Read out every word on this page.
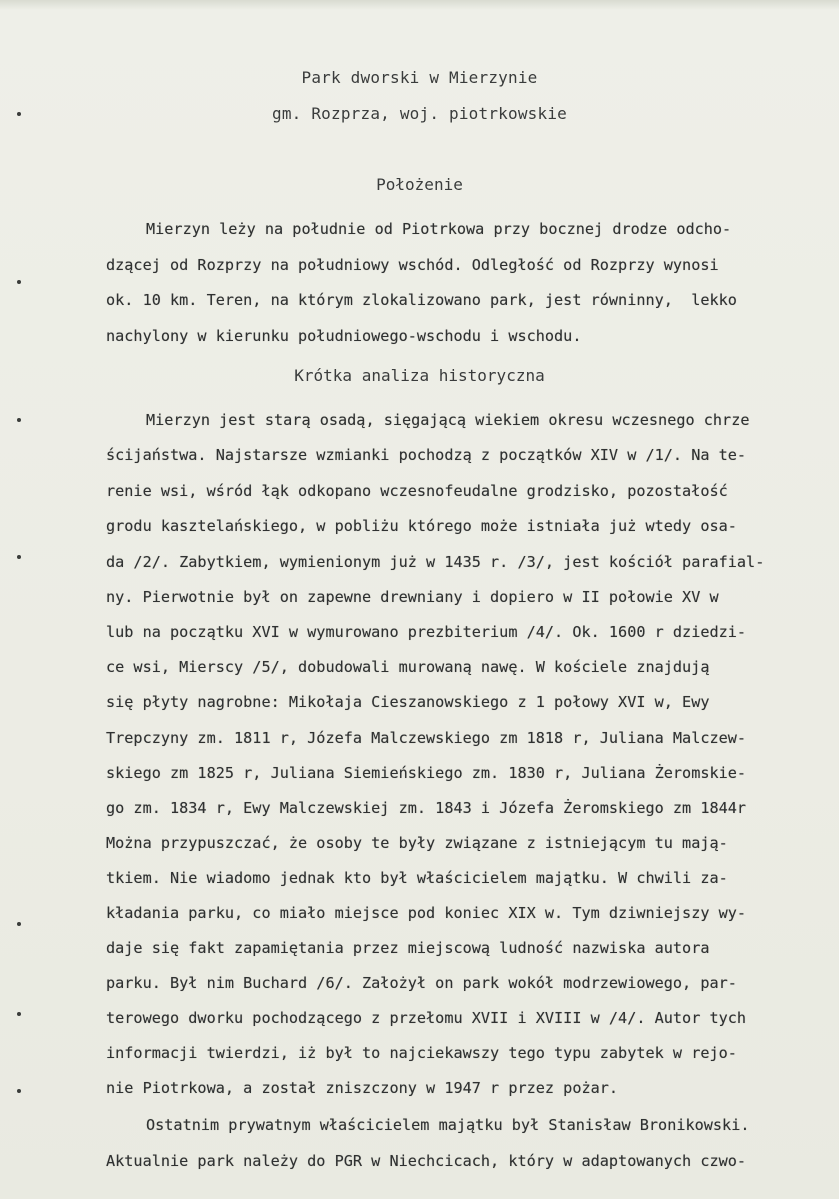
Park dworski w Mierzynie
gm. Rozprza, woj. piotrkowskie
Położenie
Mierzyn leży na południe od Piotrkowa przy bocznej drodze odcho-
dzącej od Rozprzy na południowy wschód. Odległość od Rozprzy wynosi
ok. 10 km. Teren, na którym zlokalizowano park, jest równinny,  lekko
nachylony w kierunku południowego-wschodu i wschodu.
Krótka analiza historyczna
Mierzyn jest starą osadą, sięgającą wiekiem okresu wczesnego chrze
ścijaństwa. Najstarsze wzmianki pochodzą z początków XIV w /1/. Na te-
renie wsi, wśród łąk odkopano wczesnofeudalne grodzisko, pozostałość
grodu kasztelańskiego, w pobliżu którego może istniała już wtedy osa-
da /2/. Zabytkiem, wymienionym już w 1435 r. /3/, jest kościół parafial-
ny. Pierwotnie był on zapewne drewniany i dopiero w II połowie XV w
lub na początku XVI w wymurowano prezbiterium /4/. Ok. 1600 r dziedzi-
ce wsi, Mierscy /5/, dobudowali murowaną nawę. W kościele znajdują
się płyty nagrobne: Mikołaja Cieszanowskiego z 1 połowy XVI w, Ewy
Trepczyny zm. 1811 r, Józefa Malczewskiego zm 1818 r, Juliana Malczew-
skiego zm 1825 r, Juliana Siemieńskiego zm. 1830 r, Juliana Żeromskie-
go zm. 1834 r, Ewy Malczewskiej zm. 1843 i Józefa Żeromskiego zm 1844r
Można przypuszczać, że osoby te były związane z istniejącym tu mają-
tkiem. Nie wiadomo jednak kto był właścicielem majątku. W chwili za-
kładania parku, co miało miejsce pod koniec XIX w. Tym dziwniejszy wy-
daje się fakt zapamiętania przez miejscową ludność nazwiska autora
parku. Był nim Buchard /6/. Założył on park wokół modrzewiowego, par-
terowego dworku pochodzącego z przełomu XVII i XVIII w /4/. Autor tych
informacji twierdzi, iż był to najciekawszy tego typu zabytek w rejo-
nie Piotrkowa, a został zniszczony w 1947 r przez pożar.
Ostatnim prywatnym właścicielem majątku był Stanisław Bronikowski.
Aktualnie park należy do PGR w Niechcicach, który w adaptowanych czwo-
